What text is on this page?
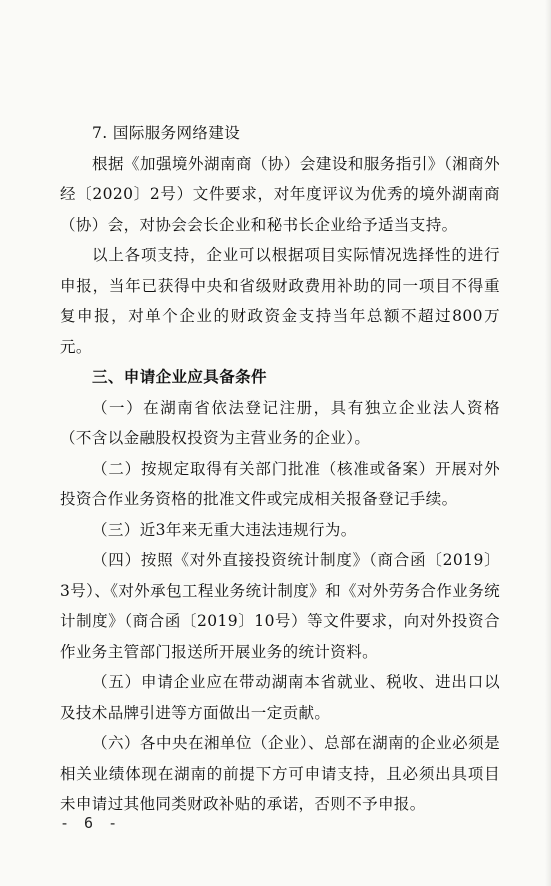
7. 国际服务网络建设

根据《加强境外湖南商（协）会建设和服务指引》（湘商外经〔2020〕2号）文件要求，对年度评议为优秀的境外湖南商（协）会，对协会会长企业和秘书长企业给予适当支持。

以上各项支持，企业可以根据项目实际情况选择性的进行申报，当年已获得中央和省级财政费用补助的同一项目不得重复申报，对单个企业的财政资金支持当年总额不超过800万元。

三、申请企业应具备条件

（一）在湖南省依法登记注册，具有独立企业法人资格（不含以金融股权投资为主营业务的企业）。

（二）按规定取得有关部门批准（核准或备案）开展对外投资合作业务资格的批准文件或完成相关报备登记手续。

（三）近3年来无重大违法违规行为。

（四）按照《对外直接投资统计制度》（商合函〔2019〕3号）、《对外承包工程业务统计制度》和《对外劳务合作业务统计制度》（商合函〔2019〕10号）等文件要求，向对外投资合作业务主管部门报送所开展业务的统计资料。

（五）申请企业应在带动湖南本省就业、税收、进出口以及技术品牌引进等方面做出一定贡献。

（六）各中央在湘单位（企业）、总部在湖南的企业必须是相关业绩体现在湖南的前提下方可申请支持，且必须出具项目未申请过其他同类财政补贴的承诺，否则不予申报。

- 6 -
